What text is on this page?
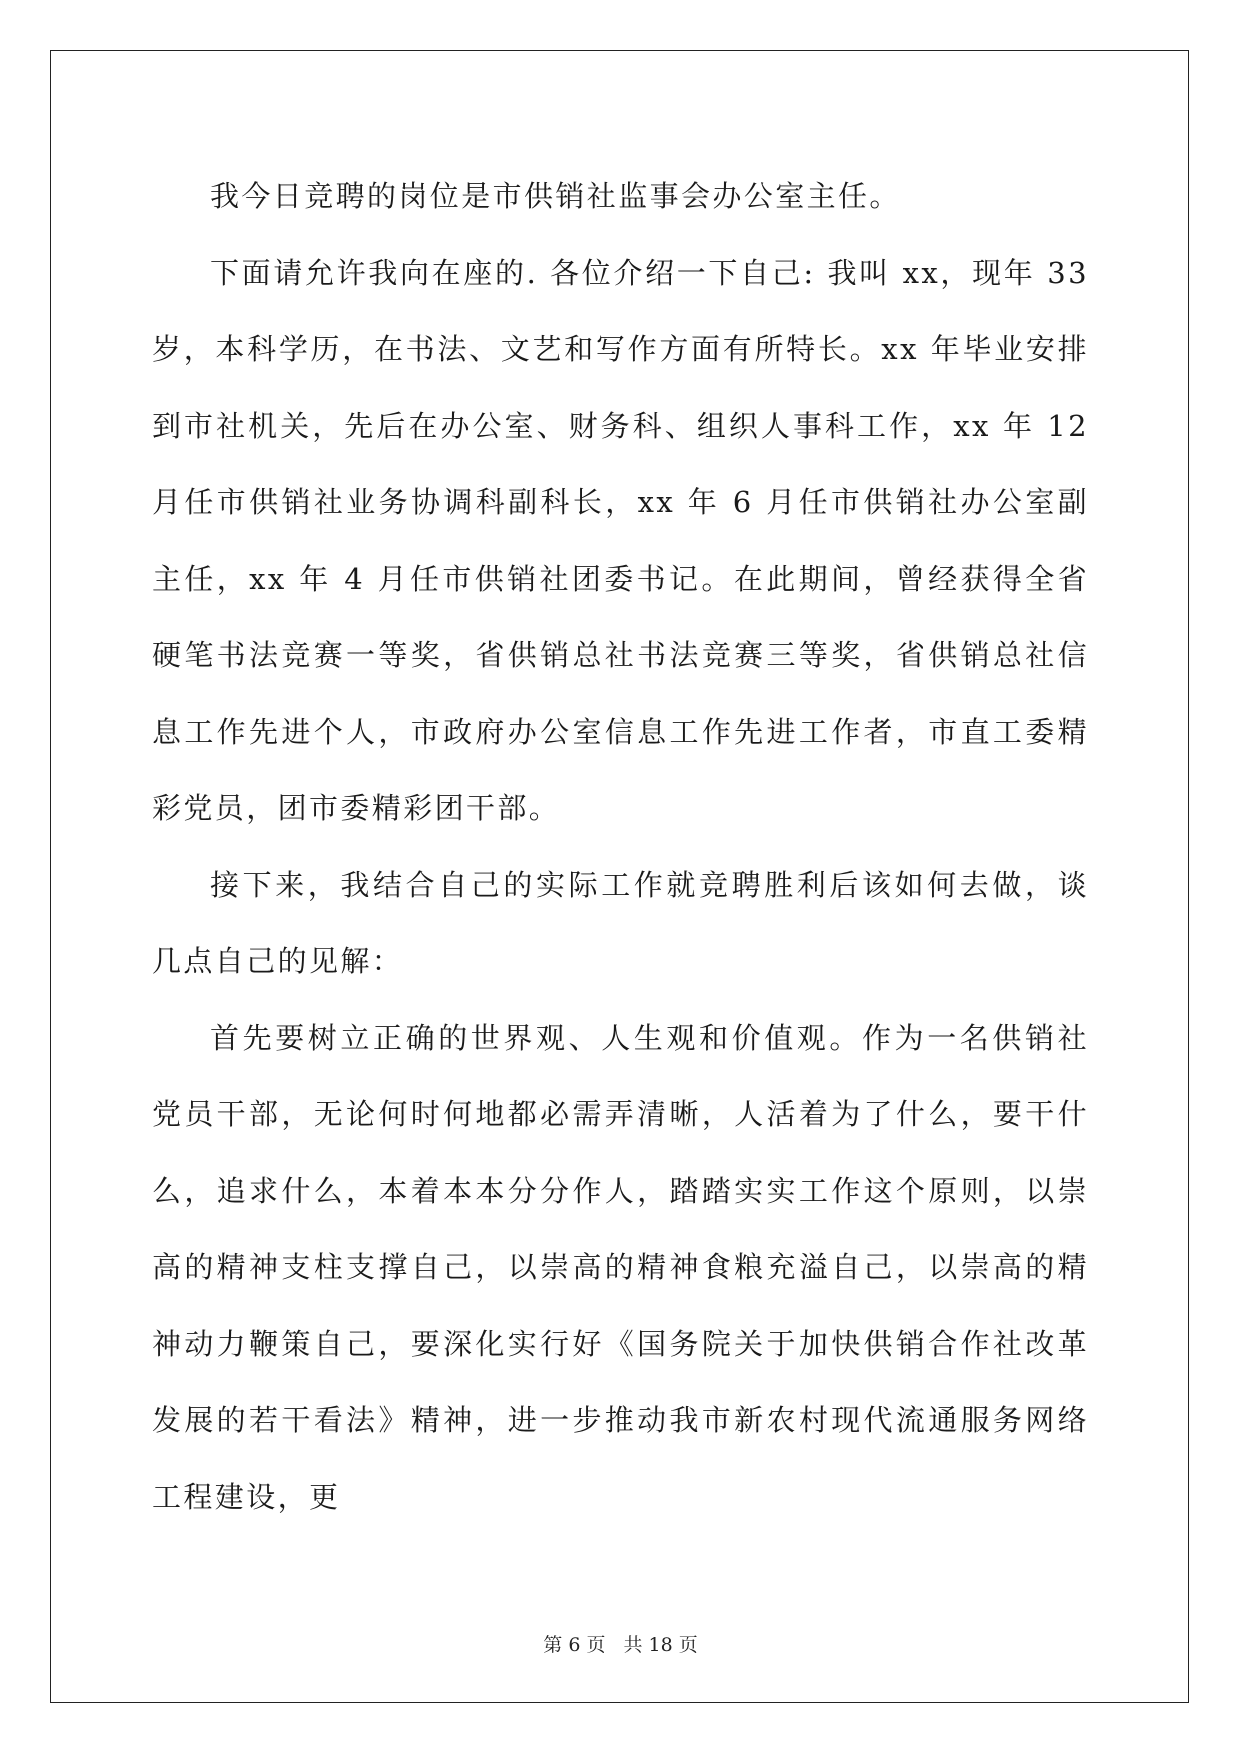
我今日竞聘的岗位是市供销社监事会办公室主任。

下面请允许我向在座的. 各位介绍一下自己: 我叫 xx，现年 33 岁，本科学历，在书法、文艺和写作方面有所特长。xx 年毕业安排到市社机关，先后在办公室、财务科、组织人事科工作，xx 年 12 月任市供销社业务协调科副科长，xx 年 6 月任市供销社办公室副主任，xx 年 4 月任市供销社团委书记。在此期间，曾经获得全省硬笔书法竞赛一等奖，省供销总社书法竞赛三等奖，省供销总社信息工作先进个人，市政府办公室信息工作先进工作者，市直工委精彩党员，团市委精彩团干部。

接下来，我结合自己的实际工作就竞聘胜利后该如何去做，谈几点自己的见解：

首先要树立正确的世界观、人生观和价值观。作为一名供销社党员干部，无论何时何地都必需弄清晰，人活着为了什么，要干什么，追求什么，本着本本分分作人，踏踏实实工作这个原则，以崇高的精神支柱支撑自己，以崇高的精神食粮充溢自己，以崇高的精神动力鞭策自己，要深化实行好《国务院关于加快供销合作社改革发展的若干看法》精神，进一步推动我市新农村现代流通服务网络工程建设，更

第 6 页 共 18 页
